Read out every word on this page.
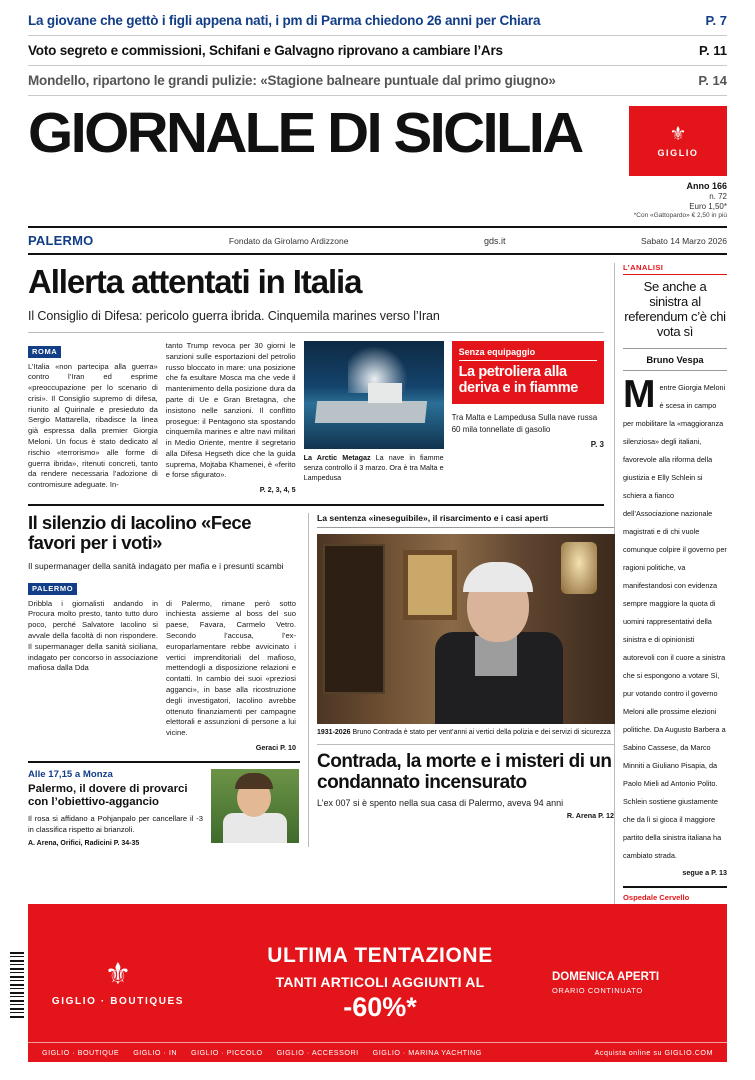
La giovane che gettò i figli appena nati, i pm di Parma chiedono 26 anni per Chiara	P. 7
Voto segreto e commissioni, Schifani e Galvagno riprovano a cambiare l’Ars	P. 11
Mondello, ripartono le grandi pulizie: «Stagione balneare puntuale dal primo giugno»	P. 14
GIORNALE DI SICILIA	⚜
GIGLIO
Anno 166
n. 72
Euro 1,50*
*Con «Gattopardo» € 2,50 in più
PALERMO	Fondato da Girolamo Ardizzone	gds.it	Sabato 14 Marzo 2026
Allerta attentati in Italia
Il Consiglio di Difesa: pericolo guerra ibrida. Cinquemila marines verso l’Iran
ROMA
L’Italia «non partecipa alla guerra» contro l’Iran ed esprime «preoccupazione per lo scenario di crisi». Il Consiglio supremo di difesa, riunito al Quirinale e presieduto da Sergio Mattarella, ribadisce la linea già espressa dalla premier Giorgia Meloni. Un focus è stato dedicato al rischio «terrorismo» alle forme di guerra ibrida», ritenuti concreti, tanto da rendere necessaria l’adozione di contromisure adeguate. In-
tanto Trump revoca per 30 giorni le sanzioni sulle esportazioni del petrolio russo bloccato in mare: una posizione che fa esultare Mosca ma che vede il mantenimento della posizione dura da parte di Ue e Gran Bretagna, che insistono nelle sanzioni. Il conflitto prosegue: il Pentagono sta spostando cinquemila marines e altre navi militari in Medio Oriente, mentre il segretario alla Difesa Hegseth dice che la guida suprema, Mojtaba Khamenei, è «ferito e forse sfigurato».
P. 2, 3, 4, 5
La Arctic Metagaz La nave in fiamme senza controllo il 3 marzo. Ora è tra Malta e Lampedusa
Senza equipaggio
La petroliera alla deriva e in fiamme
Tra Malta e Lampedusa Sulla nave russa 60 mila tonnellate di gasolio
P. 3
Il silenzio di Iacolino «Fece favori per i voti»
Il supermanager della sanità indagato per mafia e i presunti scambi
PALERMO
Dribbla i giornalisti andando in Procura molto presto, tanto tutto duro poco, perché Salvatore Iacolino si avvale della facoltà di non rispondere. Il supermanager della sanità siciliana, indagato per concorso in associazione mafiosa dalla Dda
di Palermo, rimane però sotto inchiesta assieme al boss del suo paese, Favara, Carmelo Vetro. Secondo l’accusa, l’ex-europarlamentare rebbe avvicinato i vertici imprenditoriali del mafioso, mettendogli a disposizione relazioni e contatti. In cambio dei suoi «preziosi agganci», in base alla ricostruzione degli investigatori, Iacolino avrebbe ottenuto finanziamenti per campagne elettorali e assunzioni di persone a lui vicine.
Geraci P. 10
Alle 17,15 a Monza
Palermo, il dovere di provarci con l’obiettivo-aggancio
Il rosa si affidano a Pohjanpalo per cancellare il -3 in classifica rispetto ai brianzoli.
A. Arena, Orifici, Radicini P. 34-35
La sentenza «ineseguibile», il risarcimento e i casi aperti
1931-2026 Bruno Contrada è stato per vent’anni ai vertici della polizia e dei servizi di sicurezza
Contrada, la morte e i misteri di un condannato incensurato
L’ex 007 si è spento nella sua casa di Palermo, aveva 94 anni
R. Arena P. 12
L’ANALISI
Se anche a sinistra al referendum c’è chi vota sì
Bruno Vespa
M entre Giorgia Meloni è scesa in campo per mobilitare la «maggioranza silenziosa» degli italiani, favorevole alla riforma della giustizia e Elly Schlein si schiera a fianco dell’Associazione nazionale magistrati e di chi vuole comunque colpire il governo per ragioni politiche, va manifestandosi con evidenza sempre maggiore la quota di uomini rappresentativi della sinistra e di opinionisti autorevoli con il cuore a sinistra che si espongono a votare Sì, pur votando contro il governo Meloni alle prossime elezioni politiche. Da Augusto Barbera a Sabino Cassese, da Marco Minniti a Giuliano Pisapia, da Paolo Mieli ad Antonio Polito. Schlein sostiene giustamente che da lì si gioca il maggiore partito della sinistra italiana ha cambiato strada.
segue a P. 13
Ospedale Cervello
⚜
GIGLIO · BOUTIQUES
ULTIMA TENTAZIONE
TANTI ARTICOLI AGGIUNTI AL
-60%*
DOMENICA APERTI
ORARIO CONTINUATO
GIGLIO · BOUTIQUE GIGLIO · IN GIGLIO · PICCOLO GIGLIO · ACCESSORI GIGLIO · MARINA YACHTING	Acquista online su GIGLIO.COM
*esclusa serie continuativi
